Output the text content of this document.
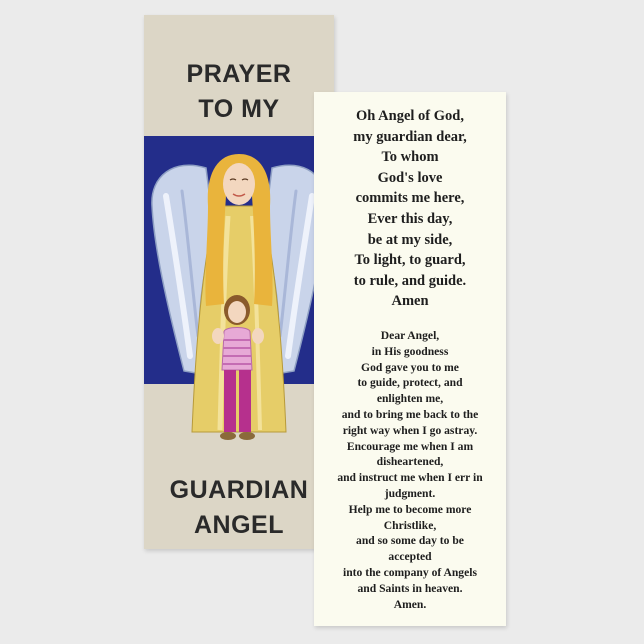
PRAYER
TO MY
GUARDIAN
ANGEL
Oh Angel of God,
my guardian dear,
To whom
God's love
commits me here,
Ever this day,
be at my side,
To light, to guard,
to rule, and guide.
Amen
Dear Angel,
in His goodness
God gave you to me
to guide, protect, and
enlighten me,
and to bring me back to the
right way when I go astray.
Encourage me when I am
disheartened,
and instruct me when I err in
judgment.
Help me to become more
Christlike,
and so some day to be
accepted
into the company of Angels
and Saints in heaven.
Amen.
